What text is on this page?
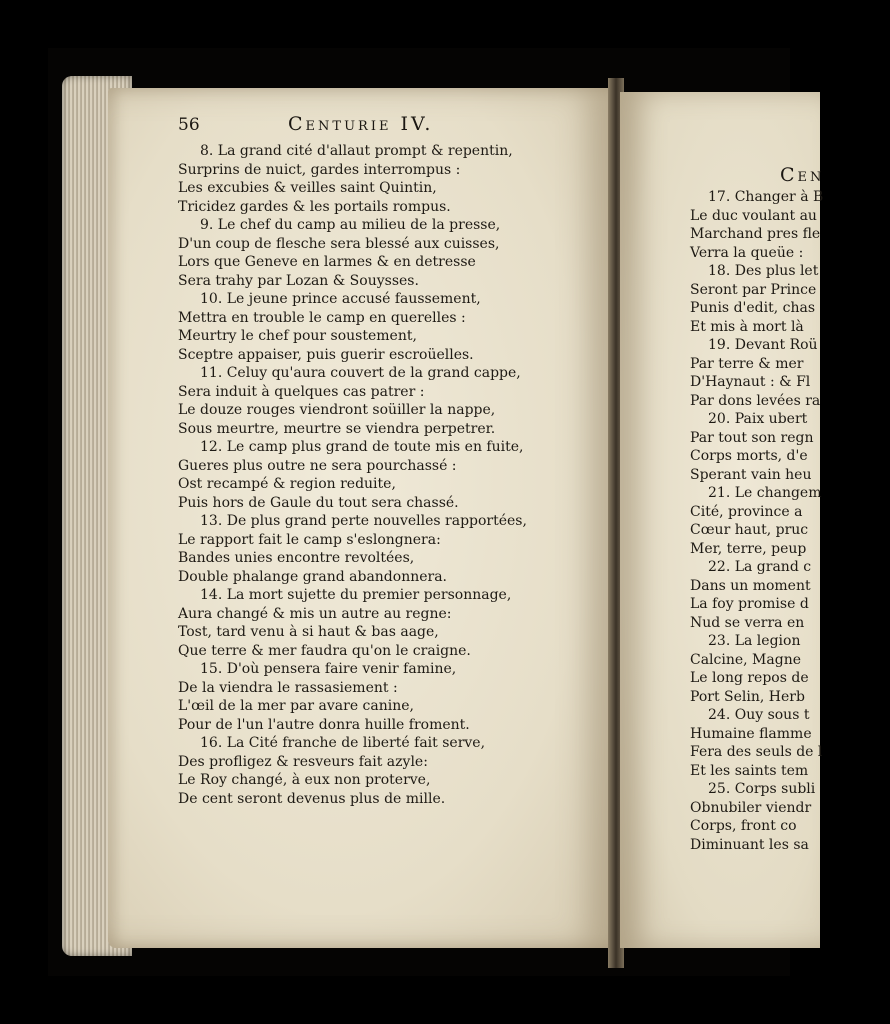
Cen
17. Changer à B
Le duc voulant au
Marchand pres fle
Verra la queüe :
18. Des plus let
Seront par Prince
Punis d'edit, chas
Et mis à mort là
19. Devant Roü
Par terre & mer
D'Haynaut : & Fl
Par dons levées ra
20. Paix ubert
Par tout son regn
Corps morts, d'e
Sperant vain heu
21. Le changem
Cité, province a
Cœur haut, pruc
Mer, terre, peup
22. La grand c
Dans un moment
La foy promise d
Nud se verra en
23. La legion
Calcine, Magne
Le long repos de
Port Selin, Herb
24. Ouy sous t
Humaine flamme
Fera des seuls de l
Et les saints tem
25. Corps subli
Obnubiler viendr
Corps, front co
Diminuant les sa
56	Centurie IV.
8. La grand cité d'allaut prompt & repentin,
Surprins de nuict, gardes interrompus :
Les excubies & veilles saint Quintin,
Tricidez gardes & les portails rompus.
9. Le chef du camp au milieu de la presse,
D'un coup de flesche sera blessé aux cuisses,
Lors que Geneve en larmes & en detresse
Sera trahy par Lozan & Souysses.
10. Le jeune prince accusé faussement,
Mettra en trouble le camp en querelles :
Meurtry le chef pour soustement,
Sceptre appaiser, puis guerir escroüelles.
11. Celuy qu'aura couvert de la grand cappe,
Sera induit à quelques cas patrer :
Le douze rouges viendront soüiller la nappe,
Sous meurtre, meurtre se viendra perpetrer.
12. Le camp plus grand de toute mis en fuite,
Gueres plus outre ne sera pourchassé :
Ost recampé & region reduite,
Puis hors de Gaule du tout sera chassé.
13. De plus grand perte nouvelles rapportées,
Le rapport fait le camp s'eslongnera:
Bandes unies encontre revoltées,
Double phalange grand abandonnera.
14. La mort sujette du premier personnage,
Aura changé & mis un autre au regne:
Tost, tard venu à si haut & bas aage,
Que terre & mer faudra qu'on le craigne.
15. D'où pensera faire venir famine,
De la viendra le rassasiement :
L'œil de la mer par avare canine,
Pour de l'un l'autre donra huille froment.
16. La Cité franche de liberté fait serve,
Des profligez & resveurs fait azyle:
Le Roy changé, à eux non proterve,
De cent seront devenus plus de mille.
